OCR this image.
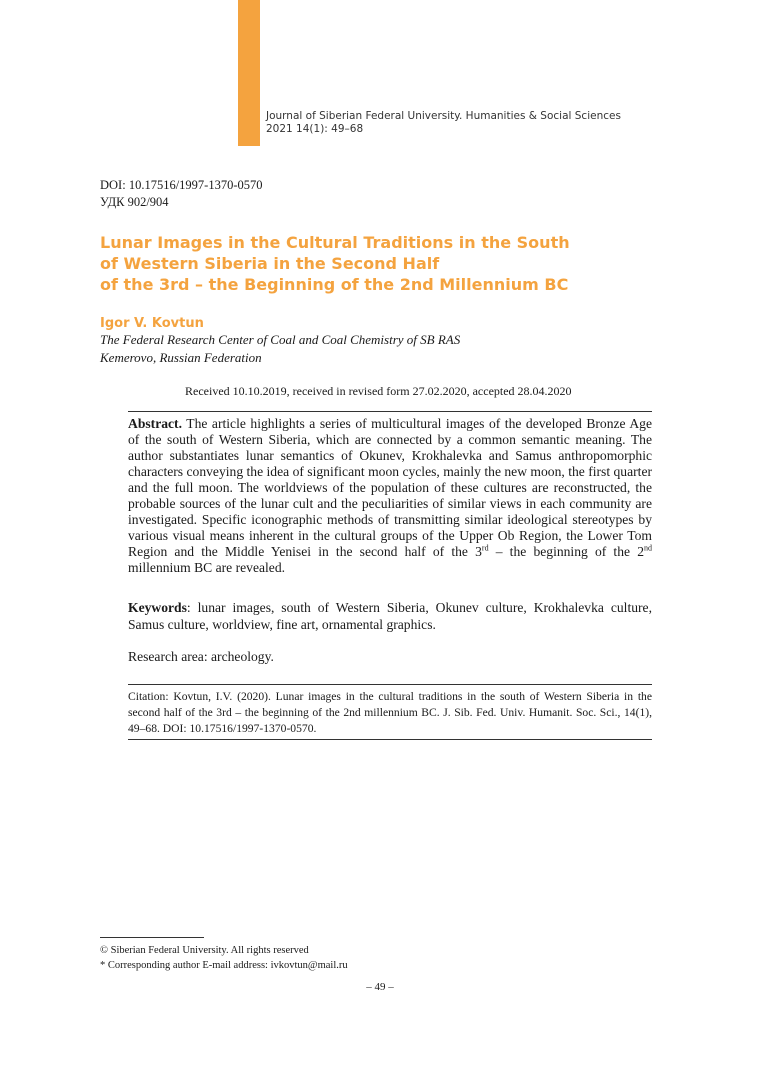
Journal of Siberian Federal University. Humanities & Social Sciences
2021 14(1): 49–68
DOI: 10.17516/1997-1370-0570
УДК 902/904
Lunar Images in the Cultural Traditions in the South
of Western Siberia in the Second Half
of the 3rd – the Beginning of the 2nd Millennium BC
Igor V. Kovtun
The Federal Research Center of Coal and Coal Chemistry of SB RAS
Kemerovo, Russian Federation
Received 10.10.2019, received in revised form 27.02.2020, accepted 28.04.2020

Abstract. The article highlights a series of multicultural images of the developed Bronze Age of the south of Western Siberia, which are connected by a common semantic meaning. The author substantiates lunar semantics of Okunev, Krokhalevka and Samus anthropomorphic characters conveying the idea of significant moon cycles, mainly the new moon, the first quarter and the full moon. The worldviews of the population of these cultures are reconstructed, the probable sources of the lunar cult and the peculiarities of similar views in each community are investigated. Specific iconographic methods of transmitting similar ideological stereotypes by various visual means inherent in the cultural groups of the Upper Ob Region, the Lower Tom Region and the Middle Yenisei in the second half of the 3rd – the beginning of the 2nd millennium BC are revealed.

Keywords: lunar images, south of Western Siberia, Okunev culture, Krokhalevka culture, Samus culture, worldview, fine art, ornamental graphics.

Research area: archeology.

Citation: Kovtun, I.V. (2020). Lunar images in the cultural traditions in the south of Western Siberia in the second half of the 3rd – the beginning of the 2nd millennium BC. J. Sib. Fed. Univ. Humanit. Soc. Sci., 14(1), 49–68. DOI: 10.17516/1997-1370-0570.

© Siberian Federal University. All rights reserved
* Corresponding author E-mail address: ivkovtun@mail.ru
– 49 –
